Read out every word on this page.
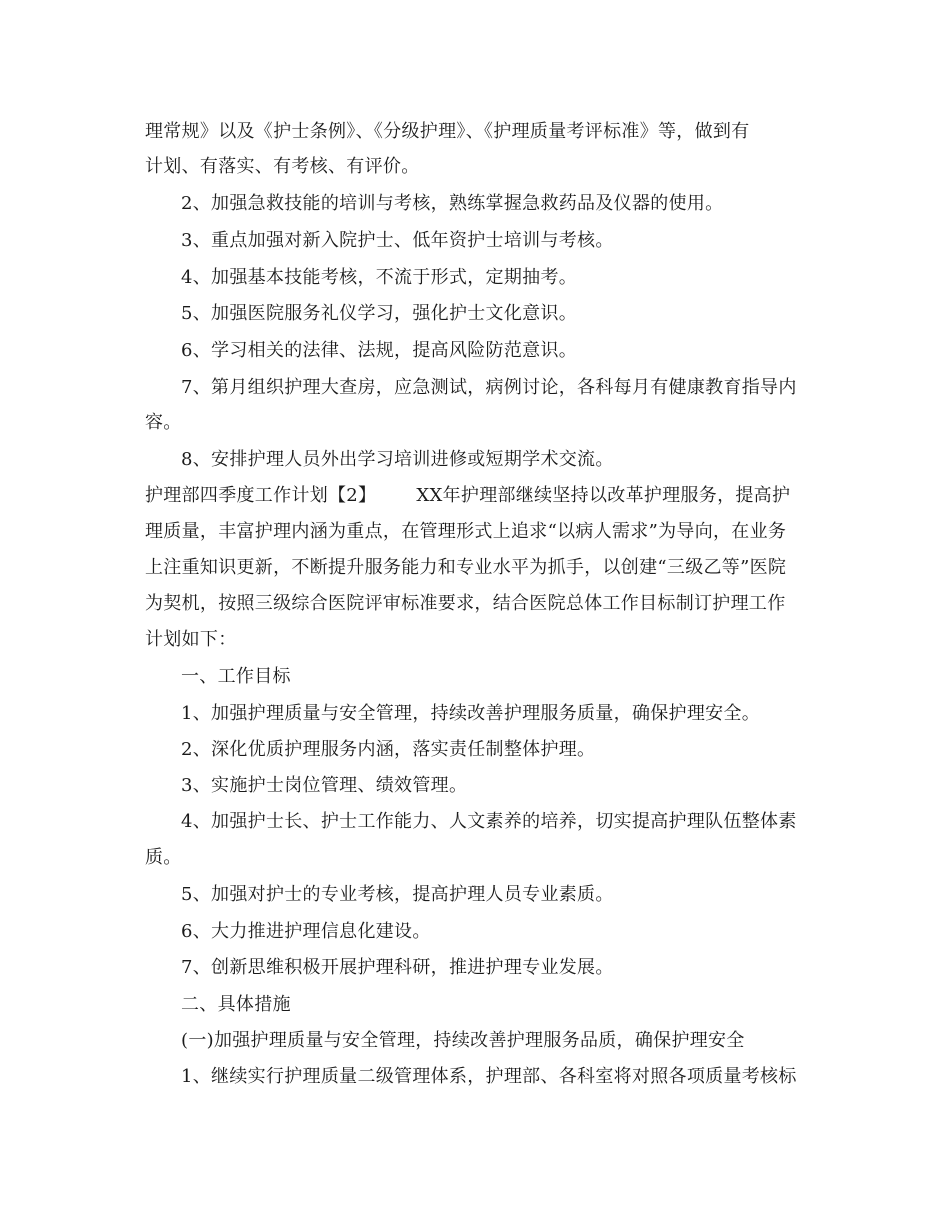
理常规》以及《护士条例》、《分级护理》、《护理质量考评标准》等，做到有
计划、有落实、有考核、有评价。
2、加强急救技能的培训与考核，熟练掌握急救药品及仪器的使用。
3、重点加强对新入院护士、低年资护士培训与考核。
4、加强基本技能考核，不流于形式，定期抽考。
5、加强医院服务礼仪学习，强化护士文化意识。
6、学习相关的法律、法规，提高风险防范意识。
7、第月组织护理大查房，应急测试，病例讨论，各科每月有健康教育指导内
容。
8、安排护理人员外出学习培训进修或短期学术交流。
护理部四季度工作计划【2】 XX年护理部继续坚持以改革护理服务，提高护
理质量，丰富护理内涵为重点，在管理形式上追求“以病人需求”为导向，在业务
上注重知识更新，不断提升服务能力和专业水平为抓手，以创建“三级乙等”医院
为契机，按照三级综合医院评审标准要求，结合医院总体工作目标制订护理工作
计划如下：
一、工作目标
1、加强护理质量与安全管理，持续改善护理服务质量，确保护理安全。
2、深化优质护理服务内涵，落实责任制整体护理。
3、实施护士岗位管理、绩效管理。
4、加强护士长、护士工作能力、人文素养的培养，切实提高护理队伍整体素
质。
5、加强对护士的专业考核，提高护理人员专业素质。
6、大力推进护理信息化建设。
7、创新思维积极开展护理科研，推进护理专业发展。
二、具体措施
(一)加强护理质量与安全管理，持续改善护理服务品质，确保护理安全
1、继续实行护理质量二级管理体系，护理部、各科室将对照各项质量考核标
